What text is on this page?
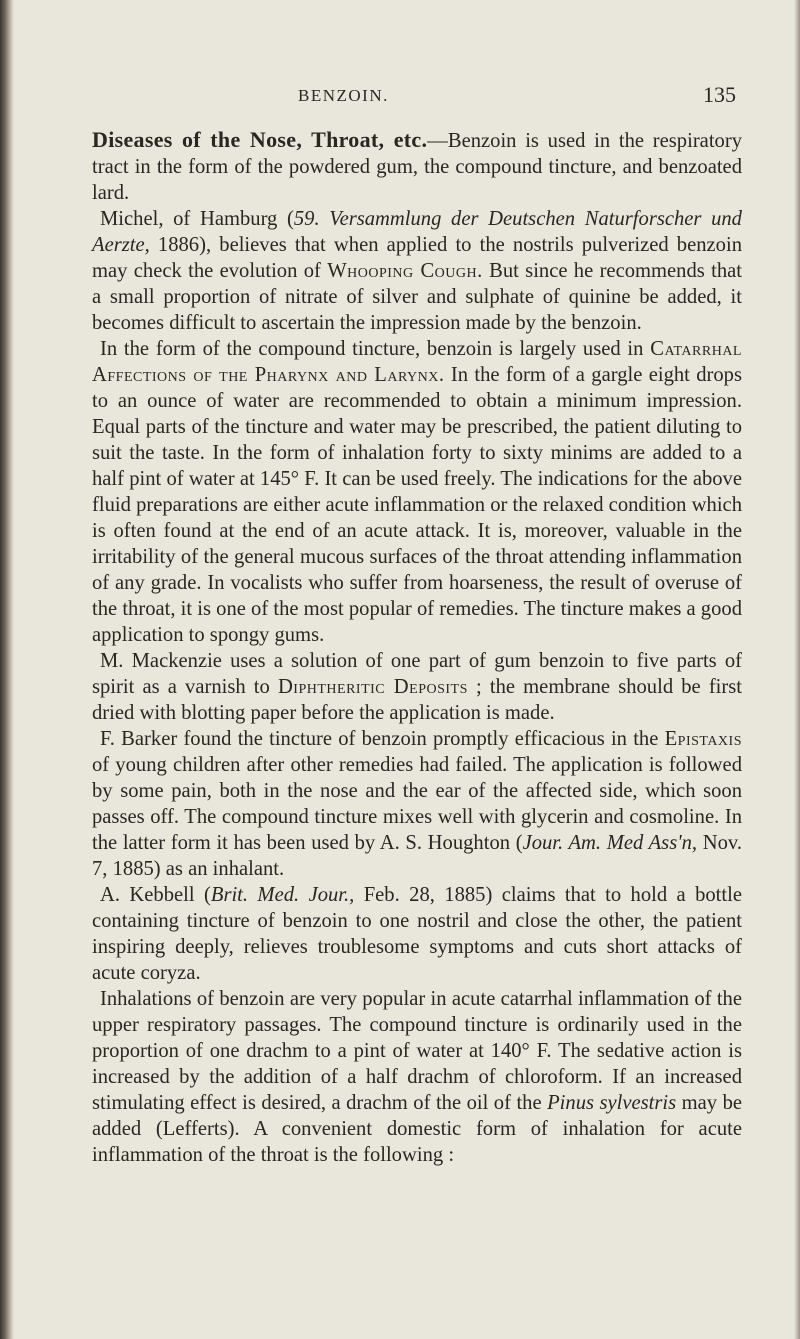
BENZOIN.	135

Diseases of the Nose, Throat, etc.—Benzoin is used in the respiratory tract in the form of the powdered gum, the compound tincture, and benzoated lard.

Michel, of Hamburg (59. Versammlung der Deutschen Naturforscher und Aerzte, 1886), believes that when applied to the nostrils pulverized benzoin may check the evolution of Whooping Cough. But since he recommends that a small proportion of nitrate of silver and sulphate of quinine be added, it becomes difficult to ascertain the impression made by the benzoin.

In the form of the compound tincture, benzoin is largely used in Catarrhal Affections of the Pharynx and Larynx. In the form of a gargle eight drops to an ounce of water are recommended to obtain a minimum impression. Equal parts of the tincture and water may be prescribed, the patient diluting to suit the taste. In the form of inhalation forty to sixty minims are added to a half pint of water at 145° F. It can be used freely. The indications for the above fluid preparations are either acute inflammation or the relaxed condition which is often found at the end of an acute attack. It is, moreover, valuable in the irritability of the general mucous surfaces of the throat attending inflammation of any grade. In vocalists who suffer from hoarseness, the result of overuse of the throat, it is one of the most popular of remedies. The tincture makes a good application to spongy gums.

M. Mackenzie uses a solution of one part of gum benzoin to five parts of spirit as a varnish to Diphtheritic Deposits ; the membrane should be first dried with blotting paper before the application is made.

F. Barker found the tincture of benzoin promptly efficacious in the Epistaxis of young children after other remedies had failed. The application is followed by some pain, both in the nose and the ear of the affected side, which soon passes off. The compound tincture mixes well with glycerin and cosmoline. In the latter form it has been used by A. S. Houghton (Jour. Am. Med Ass'n, Nov. 7, 1885) as an inhalant.

A. Kebbell (Brit. Med. Jour., Feb. 28, 1885) claims that to hold a bottle containing tincture of benzoin to one nostril and close the other, the patient inspiring deeply, relieves troublesome symptoms and cuts short attacks of acute coryza.

Inhalations of benzoin are very popular in acute catarrhal inflammation of the upper respiratory passages. The compound tincture is ordinarily used in the proportion of one drachm to a pint of water at 140° F. The sedative action is increased by the addition of a half drachm of chloroform. If an increased stimulating effect is desired, a drachm of the oil of the Pinus sylvestris may be added (Lefferts). A convenient domestic form of inhalation for acute inflammation of the throat is the following :
